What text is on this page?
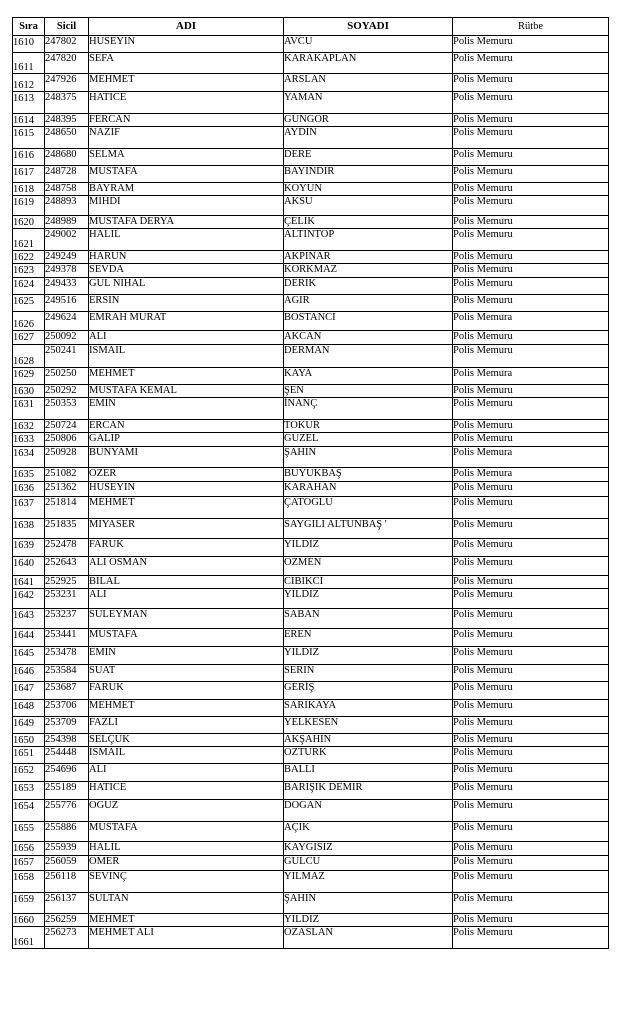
Sıra	Sicil	ADI	SOYADI	Rütbe

1610	247802	HUSEYIN	AVCU	Polis Memuru

1611	247820	SEFA	KARAKAPLAN	Polis Memuru

1612	247926	MEHMET	ARSLAN	Polis Memuru

1613	248375	HATICE	YAMAN	Polis Memuru

1614	248395	FERCAN	GUNGOR	Polis Memuru

1615	248650	NAZIF	AYDIN	Polis Memuru

1616	248680	SELMA	DERE	Polis Memuru

1617	248728	MUSTAFA	BAYINDIR	Polis Memuru

1618	248758	BAYRAM	KOYUN	Polis Memuru

1619	248893	MIHDI	AKSU	Polis Memuru

1620	248989	MUSTAFA DERYA	ÇELIK	Polis Memuru

1621	249002	HALIL	ALTINTOP	Polis Memuru

1622	249249	HARUN	AKPINAR	Polis Memuru

1623	249378	SEVDA	KORKMAZ	Polis Memuru

1624	249433	GUL NIHAL	DERIK	Polis Memuru

1625	249516	ERSIN	AGIR	Polis Memuru

1626	249624	EMRAH MURAT	BOSTANCI	Polis Memura

1627	250092	ALI	AKCAN	Polis Memuru

1628	250241	ISMAIL	DERMAN	Polis Memuru

1629	250250	MEHMET	KAYA	Polis Memura

1630	250292	MUSTAFA KEMAL	ŞEN	Polis Memuru

1631	250353	EMIN	İNANÇ	Polis Memuru

1632	250724	ERCAN	TOKUR	Polis Memuru

1633	250806	GALIP	GUZEL	Polis Memuru

1634	250928	BUNYAMI	ŞAHIN	Polis Memura

1635	251082	OZER	BUYUKBAŞ	Polis Memura

1636	251362	HUSEYIN	KARAHAN	Polis Memuru

1637	251814	MEHMET	ÇATOGLU	Polis Memuru

1638	251835	MIYASER	SAYGILI ALTUNBAŞ '	Polis Memuru

1639	252478	FARUK	YILDIZ	Polis Memuru

1640	252643	ALI OSMAN	OZMEN	Polis Memuru

1641	252925	BILAL	CIBIKCI	Polis Memuru

1642	253231	ALI	YILDIZ	Polis Memuru

1643	253237	SULEYMAN	SABAN	Polis Memuru

1644	253441	MUSTAFA	EREN	Polis Memuru

1645	253478	EMIN	YILDIZ	Polis Memuru

1646	253584	SUAT	SERIN	Polis Memuru

1647	253687	FARUK	GERİŞ	Polis Memuru

1648	253706	MEHMET	SARIKAYA	Polis Memuru

1649	253709	FAZLI	YELKESEN	Polis Memuru

1650	254398	SELÇUK	AKŞAHIN	Polis Memuru

1651	254448	ISMAIL	OZTURK	Polis Memuru

1652	254696	ALI	BALLI	Polis Memuru

1653	255189	HATICE	BARIŞIK DEMIR	Polis Memuru

1654	255776	OGUZ	DOGAN	Polis Memuru

1655	255886	MUSTAFA	AÇIK	Polis Memuru

1656	255939	HALIL	KAYGISIZ	Polis Memuru

1657	256059	OMER	GULCU	Polis Memuru

1658	256118	SEVINÇ	YILMAZ	Polis Memuru

1659	256137	SULTAN	ŞAHIN	Polis Memuru

1660	256259	MEHMET	YILDIZ	Polis Memuru

1661	256273	MEHMET ALI	OZASLAN	Polis Memuru
